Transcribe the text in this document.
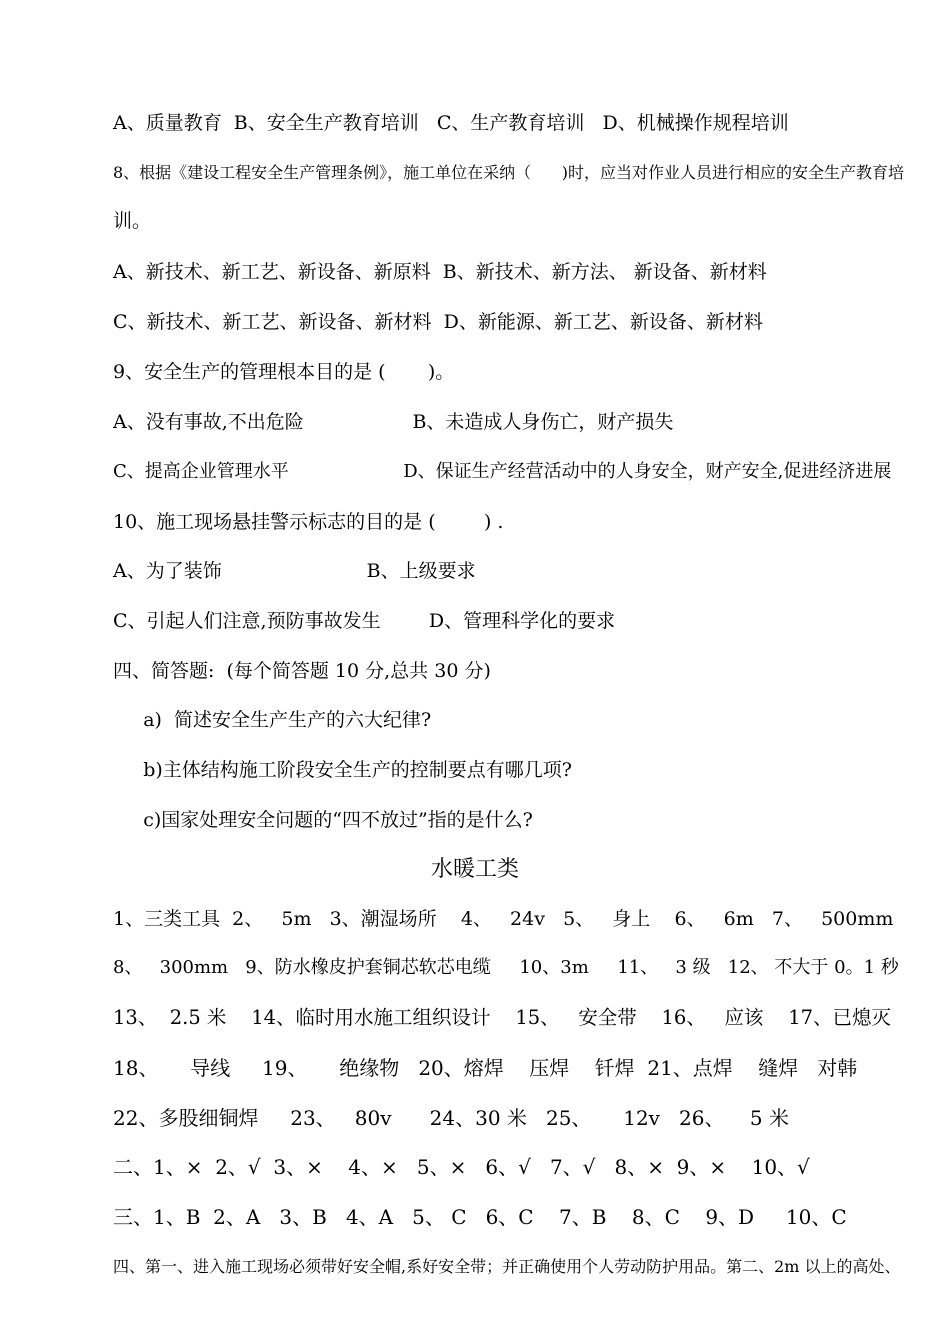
A、质量教育  B、安全生产教育培训   C、生产教育培训   D、机械操作规程培训
8、根据《建设工程安全生产管理条例》，施工单位在采纳（      )时，应当对作业人员进行相应的安全生产教育培
训。
A、新技术、新工艺、新设备、新原料  B、新技术、新方法、 新设备、新材料
C、新技术、新工艺、新设备、新材料  D、新能源、新工艺、新设备、新材料
9、安全生产的管理根本目的是 (       )。
A、没有事故,不出危险                  B、未造成人身伤亡，财产损失
C、提高企业管理水平                    D、保证生产经营活动中的人身安全，财产安全,促进经济进展
10、施工现场悬挂警示标志的目的是 (        ) .
A、为了装饰                        B、上级要求
C、引起人们注意,预防事故发生        D、管理科学化的要求
四、简答题:  (每个简答题 10 分,总共 30 分)
a)  简述安全生产生产的六大纪律?
b)主体结构施工阶段安全生产的控制要点有哪几项?
c)国家处理安全问题的“四不放过”指的是什么?
水暖工类
1、三类工具  2、   5m   3、潮湿场所    4、   24v   5、   身上    6、   6m   7、   500mm
8、   300mm   9、防水橡皮护套铜芯软芯电缆     10、3m     11、   3 级   12、 不大于 0。1 秒
13、  2.5 米    14、临时用水施工组织设计    15、   安全带    16、   应该    17、已熄灭
18、     导线     19、     绝缘物   20、熔焊    压焊    钎焊  21、点焊    缝焊   对韩
22、多股细铜焊     23、   80v      24、30 米   25、     12v   26、    5 米
二、1、×  2、√  3、×    4、×   5、×   6、√   7、√   8、×  9、×    10、√
三、1、B  2、A   3、B   4、A   5、 C   6、C    7、B    8、C    9、D     10、C
四、第一、进入施工现场必须带好安全帽,系好安全带；并正确使用个人劳动防护用品。第二、2m 以上的高处、
